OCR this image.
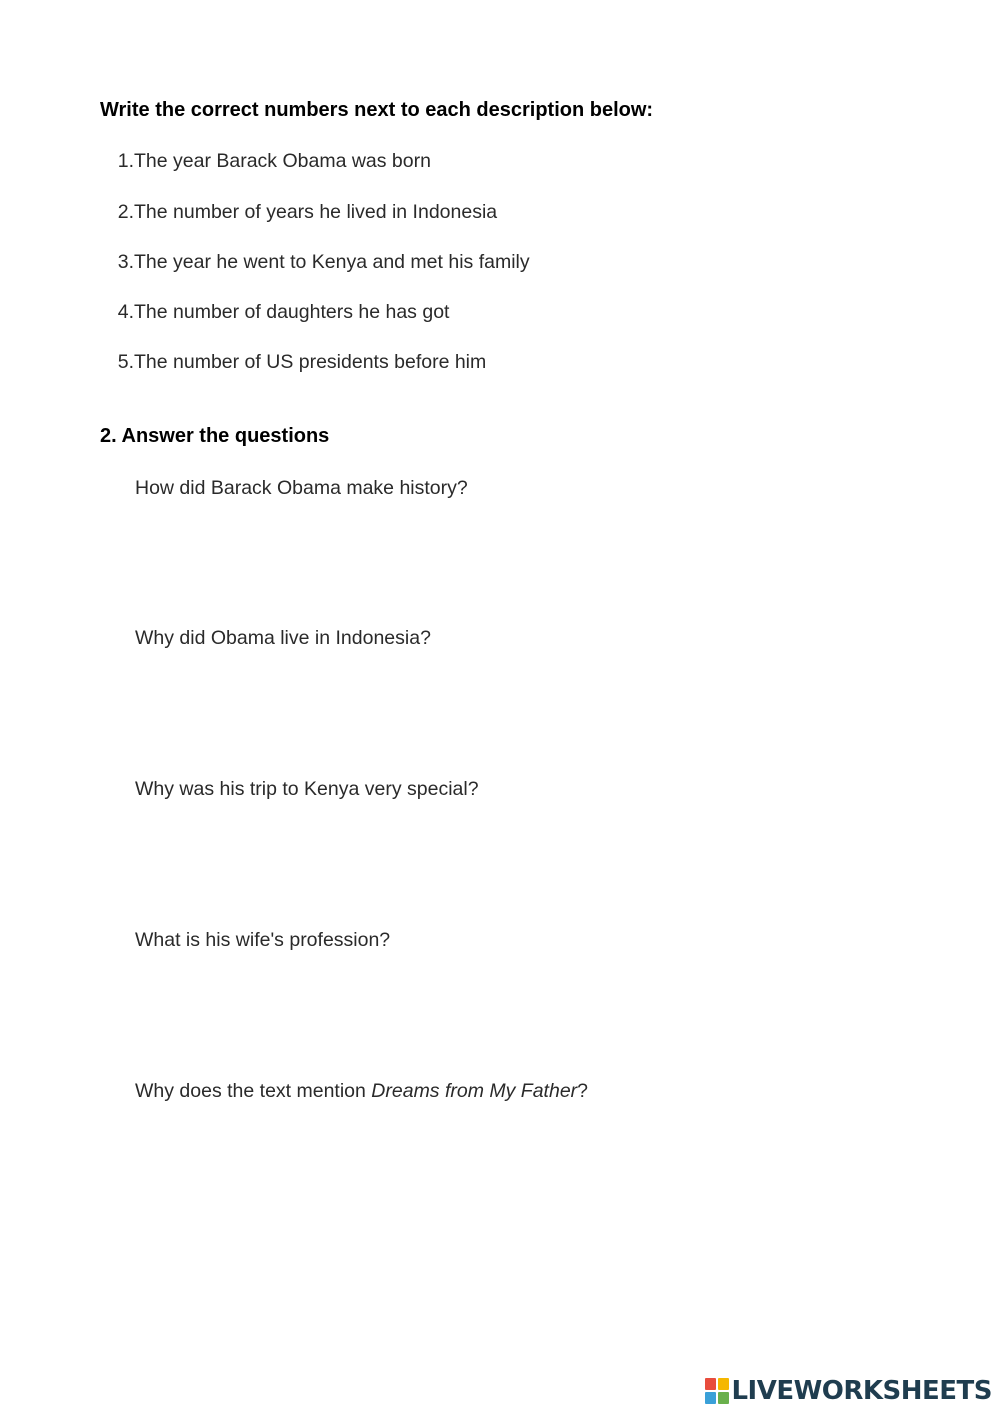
Write the correct numbers next to each description below:
1.The year Barack Obama was born
2.The number of years he lived in Indonesia
3.The year he went to Kenya and met his family
4.The number of daughters he has got
5.The number of US presidents before him
2. Answer the questions
How did Barack Obama make history?
Why did Obama live in Indonesia?
Why was his trip to Kenya very special?
What is his wife's profession?
Why does the text mention Dreams from My Father?
LIVEWORKSHEETS
